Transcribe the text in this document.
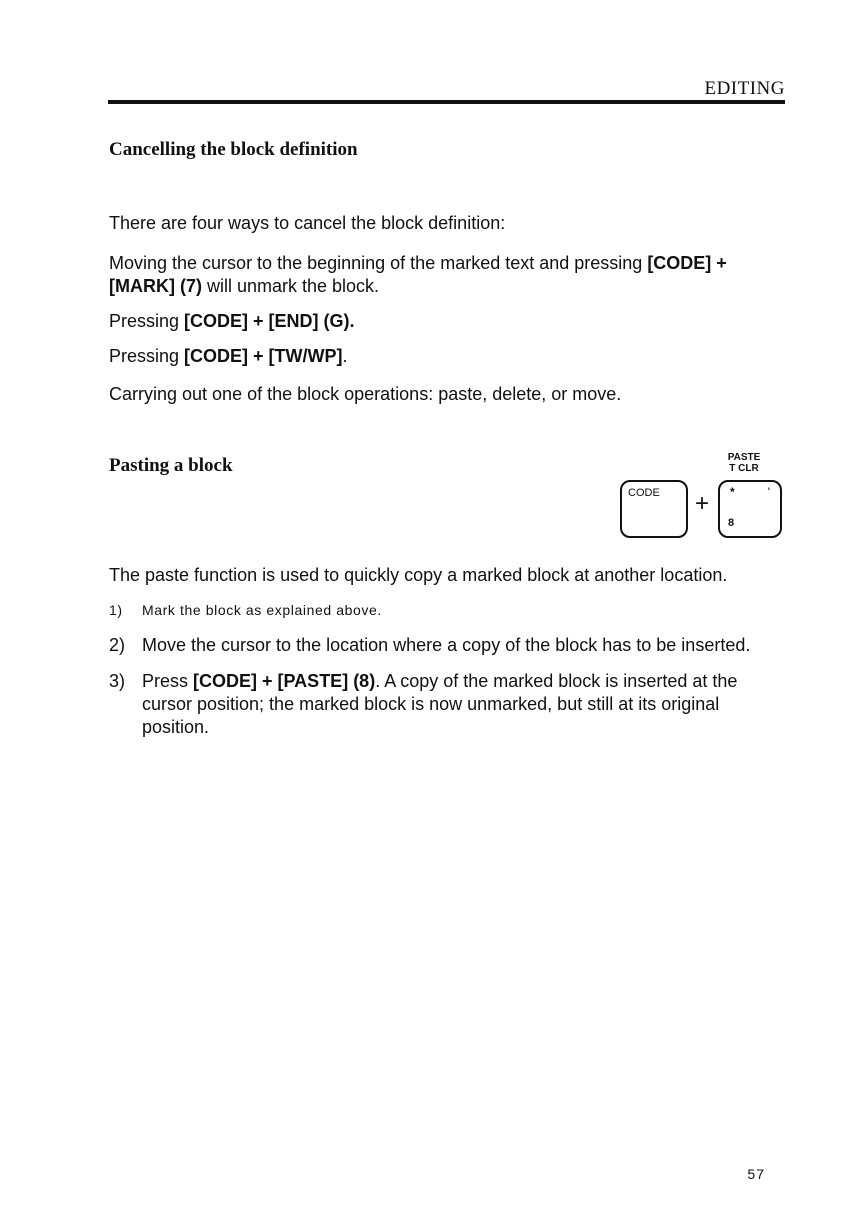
EDITING
Cancelling the block definition
There are four ways to cancel the block definition:
Moving the cursor to the beginning of the marked text and pressing [CODE] +
[MARK] (7) will unmark the block.
Pressing [CODE] + [END] (G).
Pressing [CODE] + [TW/WP].
Carrying out one of the block operations: paste, delete, or move.
Pasting a block	PASTE
T CLR
CODE + *	'
8
The paste function is used to quickly copy a marked block at another location.
1) Mark the block as explained above.
2) Move the cursor to the location where a copy of the block has to be inserted.
3) Press [CODE] + [PASTE] (8). A copy of the marked block is inserted at the cursor position; the marked block is now unmarked, but still at its original position.
57
